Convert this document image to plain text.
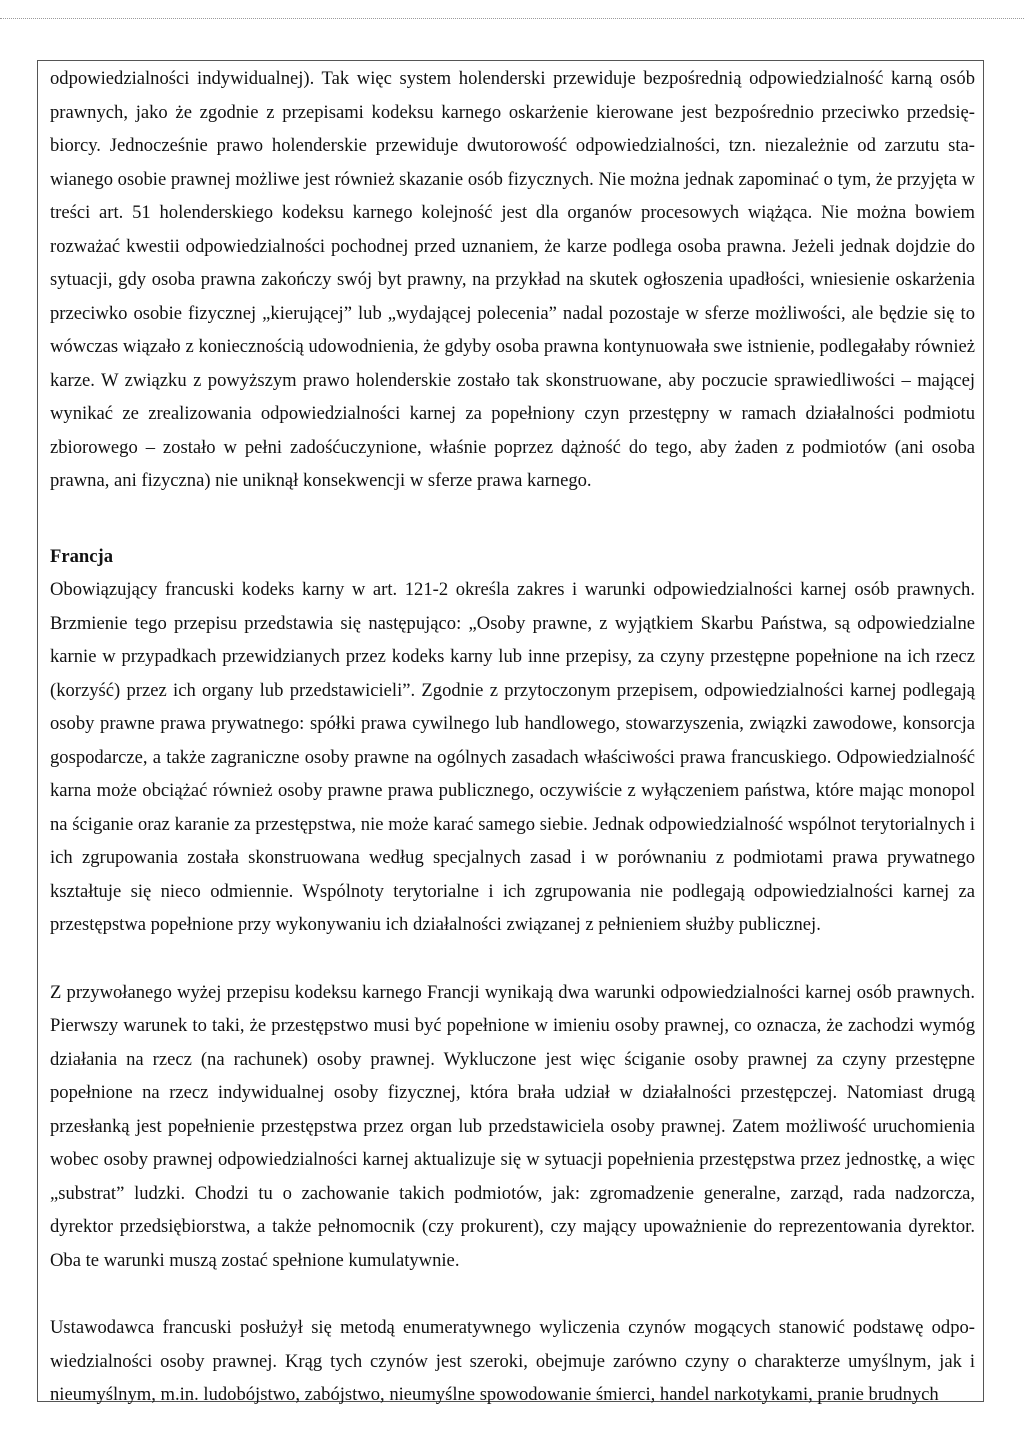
odpowiedzialności indywidualnej). Tak więc system holenderski przewiduje bezpośrednią odpowiedzialność karną osób prawnych, jako że zgodnie z przepisami kodeksu karnego oskarżenie kierowane jest bezpośrednio przeciwko przedsiębiorcy. Jednocześnie prawo holenderskie przewiduje dwutorowość odpowiedzialności, tzn. niezależnie od zarzutu stawianego osobie prawnej możliwe jest również skazanie osób fizycznych. Nie można jednak zapominać o tym, że przyjęta w treści art. 51 holenderskiego kodeksu karnego kolejność jest dla organów procesowych wiążąca. Nie można bowiem rozważać kwestii odpowiedzialności pochodnej przed uznaniem, że karze podlega osoba prawna. Jeżeli jednak dojdzie do sytuacji, gdy osoba prawna zakończy swój byt prawny, na przykład na skutek ogłoszenia upadłości, wniesienie oskarżenia przeciwko osobie fizycznej „kierującej” lub „wydającej polecenia” nadal pozostaje w sferze możliwości, ale będzie się to wówczas wiązało z koniecznością udowodnienia, że gdyby osoba prawna kontynuowała swe istnienie, podlegałaby również karze. W związku z powyższym prawo holenderskie zostało tak skonstruowane, aby poczucie sprawiedliwości – mającej wynikać ze zrealizowania odpowiedzialności karnej za popełniony czyn przestępny w ramach działalności podmiotu zbiorowego – zostało w pełni zadośćuczynione, właśnie poprzez dążność do tego, aby żaden z podmiotów (ani osoba prawna, ani fizyczna) nie uniknął konsekwencji w sferze prawa karnego.

Francja

Obowiązujący francuski kodeks karny w art. 121-2 określa zakres i warunki odpowiedzialności karnej osób prawnych. Brzmienie tego przepisu przedstawia się następująco: „Osoby prawne, z wyjątkiem Skarbu Państwa, są odpowiedzialne karnie w przypadkach przewidzianych przez kodeks karny lub inne przepisy, za czyny przestępne popełnione na ich rzecz (korzyść) przez ich organy lub przedstawicieli”. Zgodnie z przytoczonym przepisem, odpowiedzialności karnej podlegają osoby prawne prawa prywatnego: spółki prawa cywilnego lub handlowego, stowarzyszenia, związki zawodowe, konsorcja gospodarcze, a także zagraniczne osoby prawne na ogólnych zasadach właściwości prawa francuskiego. Odpowiedzialność karna może obciążać również osoby prawne prawa publicznego, oczywiście z wyłączeniem państwa, które mając monopol na ściganie oraz karanie za przestępstwa, nie może karać samego siebie. Jednak odpowiedzialność wspólnot terytorialnych i ich zgrupowania została skonstruowana według specjalnych zasad i w porównaniu z podmiotami prawa prywatnego kształtuje się nieco odmiennie. Wspólnoty terytorialne i ich zgrupowania nie podlegają odpowiedzialności karnej za przestępstwa popełnione przy wykonywaniu ich działalności związanej z pełnieniem służby publicznej.

Z przywołanego wyżej przepisu kodeksu karnego Francji wynikają dwa warunki odpowiedzialności karnej osób prawnych. Pierwszy warunek to taki, że przestępstwo musi być popełnione w imieniu osoby prawnej, co oznacza, że zachodzi wymóg działania na rzecz (na rachunek) osoby prawnej. Wykluczone jest więc ściganie osoby prawnej za czyny przestępne popełnione na rzecz indywidualnej osoby fizycznej, która brała udział w działalności przestępczej. Natomiast drugą przesłanką jest popełnienie przestępstwa przez organ lub przedstawiciela osoby prawnej. Zatem możliwość uruchomienia wobec osoby prawnej odpowiedzialności karnej aktualizuje się w sytuacji popełnienia przestępstwa przez jednostkę, a więc „substrat” ludzki. Chodzi tu o zachowanie takich podmiotów, jak: zgromadzenie generalne, zarząd, rada nadzorcza, dyrektor przedsiębiorstwa, a także pełnomocnik (czy prokurent), czy mający upoważnienie do reprezentowania dyrektor. Oba te warunki muszą zostać spełnione kumulatywnie.

Ustawodawca francuski posłużył się metodą enumeratywnego wyliczenia czynów mogących stanowić podstawę odpowiedzialności osoby prawnej. Krąg tych czynów jest szeroki, obejmuje zarówno czyny o charakterze umyślnym, jak i nieumyślnym, m.in. ludobójstwo, zabójstwo, nieumyślne spowodowanie śmierci, handel narkotykami, pranie brudnych
